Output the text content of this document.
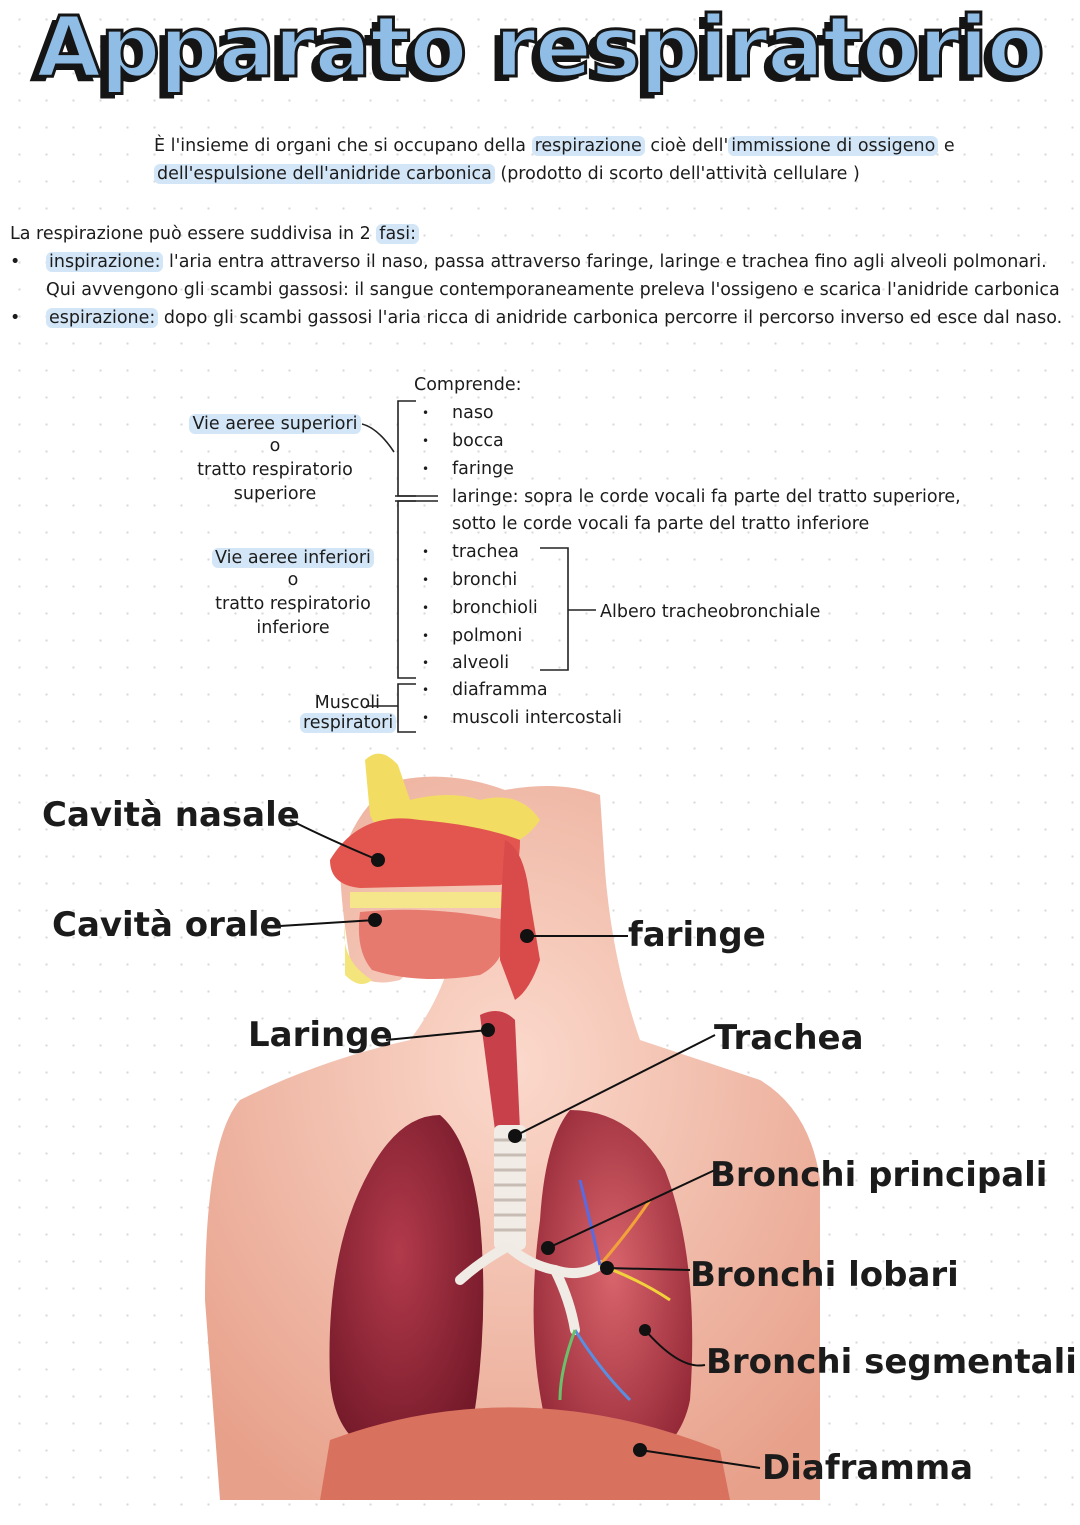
Apparato respiratorio
È l'insieme di organi che si occupano della respirazione cioè dell' immissione di ossigeno e
dell'espulsione dell'anidride carbonica (prodotto di scorto dell'attività cellulare )
La respirazione può essere suddivisa in 2 fasi:
• inspirazione: l'aria entra attraverso il naso, passa attraverso faringe, laringe e trachea fino agli alveoli polmonari.
Qui avvengono gli scambi gassosi: il sangue contemporaneamente preleva l'ossigeno e scarica l'anidride carbonica
• espirazione: dopo gli scambi gassosi l'aria ricca di anidride carbonica percorre il percorso inverso ed esce dal naso.
Comprende:
Vie aeree superiori
o
tratto respiratorio
superiore
Vie aeree inferiori
o
tratto respiratorio
inferiore
Muscoli
respiratori
naso
bocca
faringe
laringe: sopra le corde vocali fa parte del tratto superiore,
sotto le corde vocali fa parte del tratto inferiore
trachea
bronchi
bronchioli
polmoni
alveoli
diaframma
muscoli intercostali
Albero tracheobronchiale
•
•
•
•
•
•
•
•
•
•
Cavità nasale
Cavità orale
Laringe
faringe
Trachea
Bronchi principali
Bronchi lobari
Bronchi segmentali
Diaframma
